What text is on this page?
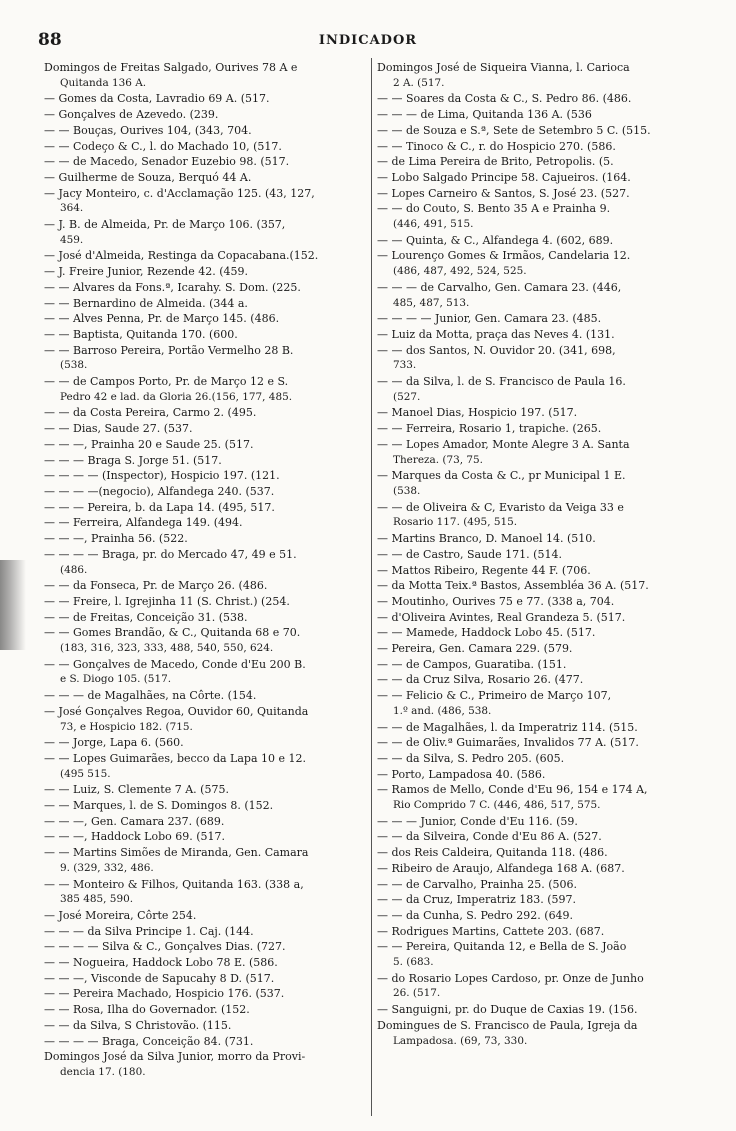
88	INDICADOR
Domingos de Freitas Salgado, Ourives 78 A e
Quitanda 136 A.
— Gomes da Costa, Lavradio 69 A. (517.
— Gonçalves de Azevedo. (239.
— — Bouças, Ourives 104, (343, 704.
— — Codeço & C., l. do Machado 10, (517.
— — de Macedo, Senador Euzebio 98. (517.
— Guilherme de Souza, Berquó 44 A.
— Jacy Monteiro, c. d'Acclamação 125. (43, 127,
364.
— J. B. de Almeida, Pr. de Março 106. (357,
459.
— José d'Almeida, Restinga da Copacabana.(152.
— J. Freire Junior, Rezende 42. (459.
— — Alvares da Fons.ª, Icarahy. S. Dom. (225.
— — Bernardino de Almeida. (344 a.
— — Alves Penna, Pr. de Março 145. (486.
— — Baptista, Quitanda 170. (600.
— — Barroso Pereira, Portão Vermelho 28 B.
(538.
— — de Campos Porto, Pr. de Março 12 e S.
Pedro 42 e lad. da Gloria 26.(156, 177, 485.
— — da Costa Pereira, Carmo 2. (495.
— — Dias, Saude 27. (537.
— — —, Prainha 20 e Saude 25. (517.
— — — Braga S. Jorge 51. (517.
— — — — (Inspector), Hospicio 197. (121.
— — — —(negocio), Alfandega 240. (537.
— — — Pereira, b. da Lapa 14. (495, 517.
— — Ferreira, Alfandega 149. (494.
— — —, Prainha 56. (522.
— — — — Braga, pr. do Mercado 47, 49 e 51.
(486.
— — da Fonseca, Pr. de Março 26. (486.
— — Freire, l. Igrejinha 11 (S. Christ.) (254.
— — de Freitas, Conceição 31. (538.
— — Gomes Brandão, & C., Quitanda 68 e 70.
(183, 316, 323, 333, 488, 540, 550, 624.
— — Gonçalves de Macedo, Conde d'Eu 200 B.
e S. Diogo 105. (517.
— — — de Magalhães, na Côrte. (154.
— José Gonçalves Regoa, Ouvidor 60, Quitanda
73, e Hospicio 182. (715.
— — Jorge, Lapa 6. (560.
— — Lopes Guimarães, becco da Lapa 10 e 12.
(495 515.
— — Luiz, S. Clemente 7 A. (575.
— — Marques, l. de S. Domingos 8. (152.
— — —, Gen. Camara 237. (689.
— — —, Haddock Lobo 69. (517.
— — Martins Simões de Miranda, Gen. Camara
9. (329, 332, 486.
— — Monteiro & Filhos, Quitanda 163. (338 a,
385 485, 590.
— José Moreira, Côrte 254.
— — — da Silva Principe 1. Caj. (144.
— — — — Silva & C., Gonçalves Dias. (727.
— — Nogueira, Haddock Lobo 78 E. (586.
— — —, Visconde de Sapucahy 8 D. (517.
— — Pereira Machado, Hospicio 176. (537.
— — Rosa, Ilha do Governador. (152.
— — da Silva, S Christovão. (115.
— — — — Braga, Conceição 84. (731.
Domingos José da Silva Junior, morro da Provi-
dencia 17. (180.
Domingos José de Siqueira Vianna, l. Carioca
2 A. (517.
— — Soares da Costa & C., S. Pedro 86. (486.
— — — de Lima, Quitanda 136 A. (536
— — de Souza e S.ª, Sete de Setembro 5 C. (515.
— — Tinoco & C., r. do Hospicio 270. (586.
— de Lima Pereira de Brito, Petropolis. (5.
— Lobo Salgado Principe 58. Cajueiros. (164.
— Lopes Carneiro & Santos, S. José 23. (527.
— — do Couto, S. Bento 35 A e Prainha 9.
(446, 491, 515.
— — Quinta, & C., Alfandega 4. (602, 689.
— Lourenço Gomes & Irmãos, Candelaria 12.
(486, 487, 492, 524, 525.
— — — de Carvalho, Gen. Camara 23. (446,
485, 487, 513.
— — — — Junior, Gen. Camara 23. (485.
— Luiz da Motta, praça das Neves 4. (131.
— — dos Santos, N. Ouvidor 20. (341, 698,
733.
— — da Silva, l. de S. Francisco de Paula 16.
(527.
— Manoel Dias, Hospicio 197. (517.
— — Ferreira, Rosario 1, trapiche. (265.
— — Lopes Amador, Monte Alegre 3 A. Santa
Thereza. (73, 75.
— Marques da Costa & C., pr Municipal 1 E.
(538.
— — de Oliveira & C, Evaristo da Veiga 33 e
Rosario 117. (495, 515.
— Martins Branco, D. Manoel 14. (510.
— — de Castro, Saude 171. (514.
— Mattos Ribeiro, Regente 44 F. (706.
— da Motta Teix.ª Bastos, Assembléa 36 A. (517.
— Moutinho, Ourives 75 e 77. (338 a, 704.
— d'Oliveira Avintes, Real Grandeza 5. (517.
— — Mamede, Haddock Lobo 45. (517.
— Pereira, Gen. Camara 229. (579.
— — de Campos, Guaratiba. (151.
— — da Cruz Silva, Rosario 26. (477.
— — Felicio & C., Primeiro de Março 107,
1.º and. (486, 538.
— — de Magalhães, l. da Imperatriz 114. (515.
— — de Oliv.ª Guimarães, Invalidos 77 A. (517.
— — da Silva, S. Pedro 205. (605.
— Porto, Lampadosa 40. (586.
— Ramos de Mello, Conde d'Eu 96, 154 e 174 A,
Rio Comprido 7 C. (446, 486, 517, 575.
— — — Junior, Conde d'Eu 116. (59.
— — da Silveira, Conde d'Eu 86 A. (527.
— dos Reis Caldeira, Quitanda 118. (486.
— Ribeiro de Araujo, Alfandega 168 A. (687.
— — de Carvalho, Prainha 25. (506.
— — da Cruz, Imperatriz 183. (597.
— — da Cunha, S. Pedro 292. (649.
— Rodrigues Martins, Cattete 203. (687.
— — Pereira, Quitanda 12, e Bella de S. João
5. (683.
— do Rosario Lopes Cardoso, pr. Onze de Junho
26. (517.
— Sanguigni, pr. do Duque de Caxias 19. (156.
Domingues de S. Francisco de Paula, Igreja da
Lampadosa. (69, 73, 330.
